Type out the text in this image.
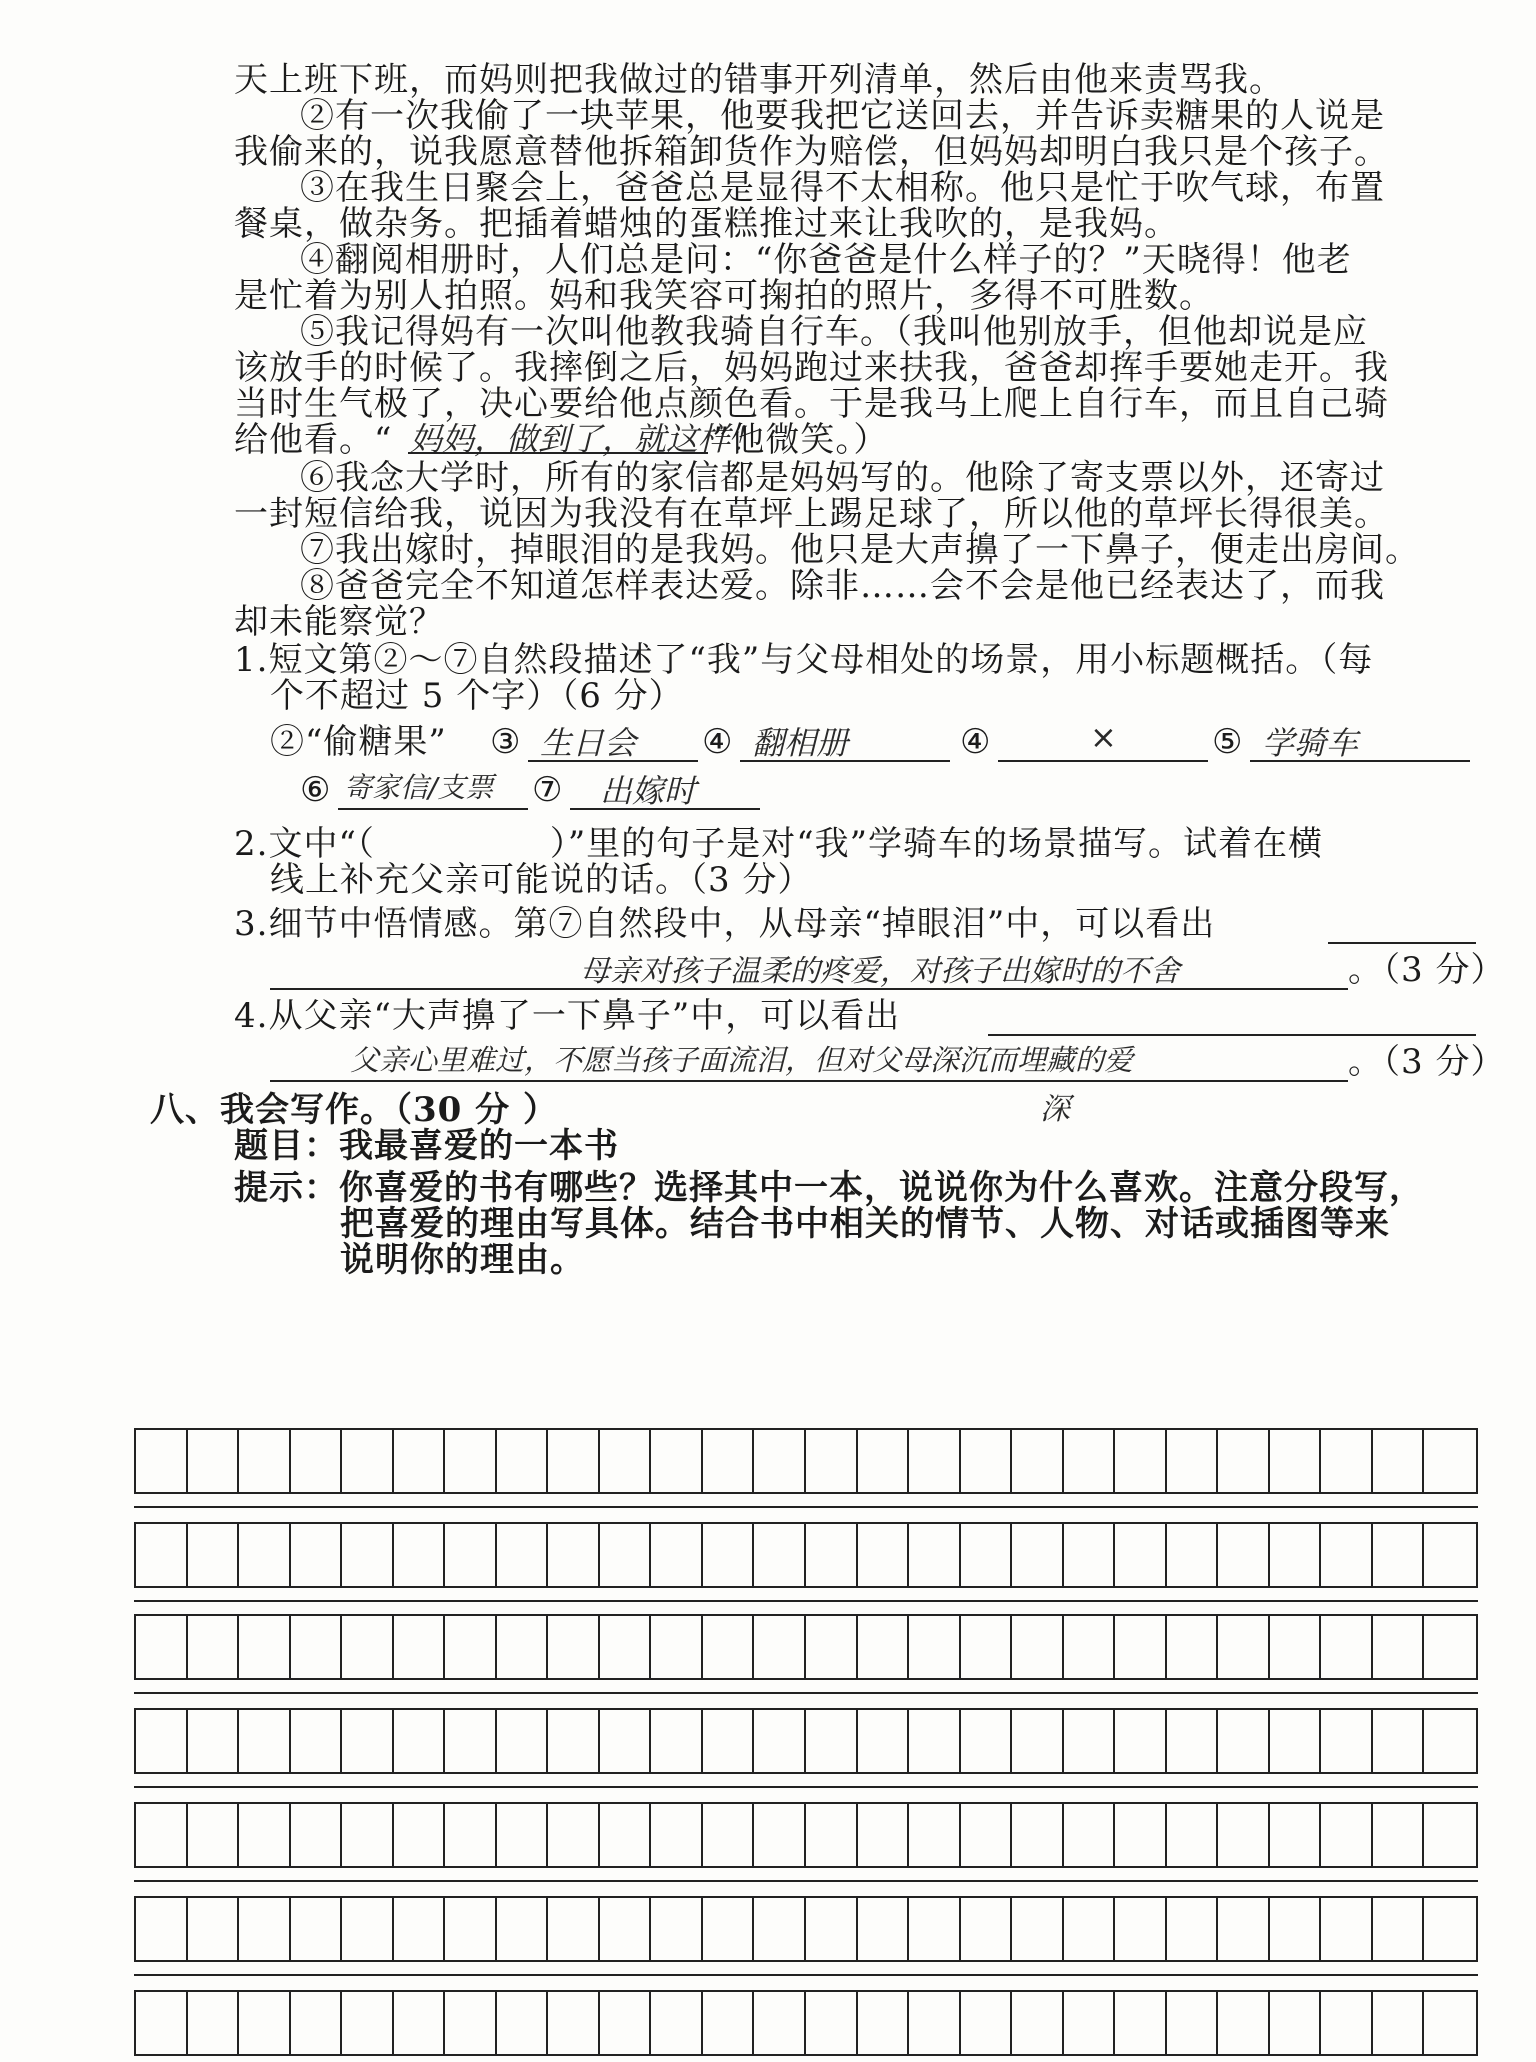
天上班下班，而妈则把我做过的错事开列清单，然后由他来责骂我。
②有一次我偷了一块苹果，他要我把它送回去，并告诉卖糖果的人说是
我偷来的，说我愿意替他拆箱卸货作为赔偿，但妈妈却明白我只是个孩子。
③在我生日聚会上，爸爸总是显得不太相称。他只是忙于吹气球，布置
餐桌，做杂务。把插着蜡烛的蛋糕推过来让我吹的，是我妈。
④翻阅相册时，人们总是问：“你爸爸是什么样子的？”天晓得！他老
是忙着为别人拍照。妈和我笑容可掬拍的照片，多得不可胜数。
⑤我记得妈有一次叫他教我骑自行车。（我叫他别放手，但他却说是应
该放手的时候了。我摔倒之后，妈妈跑过来扶我，爸爸却挥手要她走开。我
当时生气极了，决心要给他点颜色看。于是我马上爬上自行车，而且自己骑
给他看。“ 妈妈，做到了，就这样！
”他微笑。）
⑥我念大学时，所有的家信都是妈妈写的。他除了寄支票以外，还寄过
一封短信给我，说因为我没有在草坪上踢足球了，所以他的草坪长得很美。
⑦我出嫁时，掉眼泪的是我妈。他只是大声擤了一下鼻子，便走出房间。
⑧爸爸完全不知道怎样表达爱。除非……会不会是他已经表达了，而我
却未能察觉？
1.短文第②～⑦自然段描述了“我”与父母相处的场景，用小标题概括。（每
个不超过 5 个字）（6 分）
②“偷糖果” ③ 生日会 ④ 翻相册	④	×	⑤ 学骑车
⑥ 寄家信/支票 ⑦ 出嫁时
2.文中“（　　　　　）”里的句子是对“我”学骑车的场景描写。试着在横
线上补充父亲可能说的话。（3 分）
3.细节中悟情感。第⑦自然段中，从母亲“掉眼泪”中，可以看出
母亲对孩子温柔的疼爱，对孩子出嫁时的不舍	。（3 分）
4.从父亲“大声擤了一下鼻子”中，可以看出
父亲心里难过，不愿当孩子面流泪，但对父母深沉而埋藏的爱	。（3 分）
深
八、我会写作。（30 分 ）
题目：我最喜爱的一本书
提示：你喜爱的书有哪些？选择其中一本，说说你为什么喜欢。注意分段写，
把喜爱的理由写具体。结合书中相关的情节、人物、对话或插图等来
说明你的理由。
